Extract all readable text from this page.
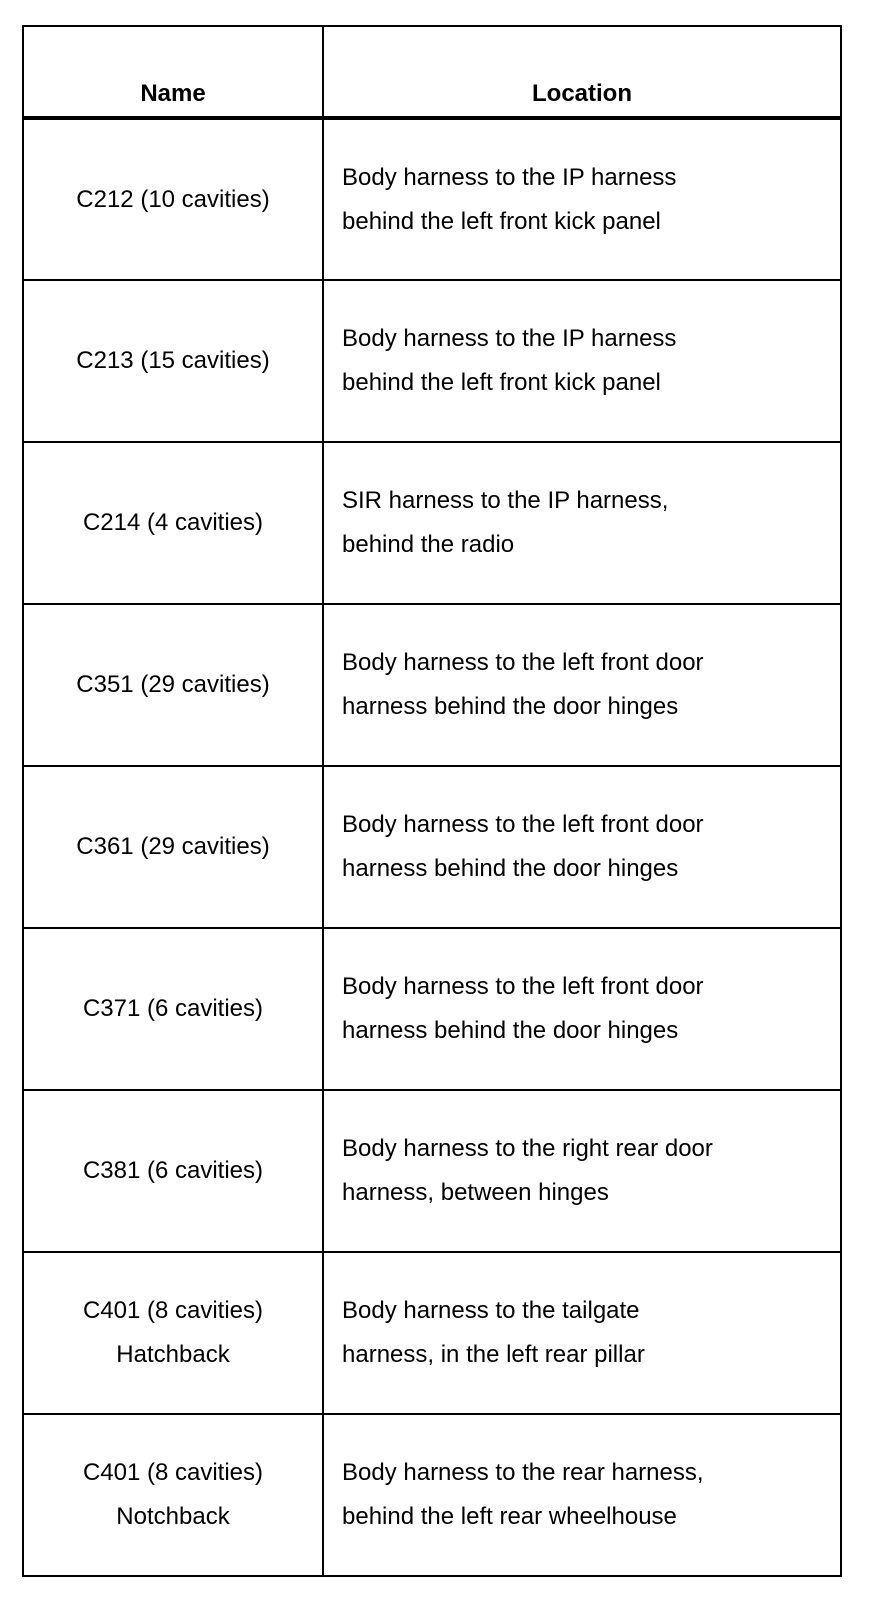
Name	Location
C212 (10 cavities)	Body harness to the IP harness
behind the left front kick panel
C213 (15 cavities)	Body harness to the IP harness
behind the left front kick panel
C214 (4 cavities)	SIR harness to the IP harness,
behind the radio
C351 (29 cavities)	Body harness to the left front door
harness behind the door hinges
C361 (29 cavities)	Body harness to the left front door
harness behind the door hinges
C371 (6 cavities)	Body harness to the left front door
harness behind the door hinges
C381 (6 cavities)	Body harness to the right rear door
harness, between hinges
C401 (8 cavities)
Hatchback	Body harness to the tailgate
harness, in the left rear pillar
C401 (8 cavities)
Notchback	Body harness to the rear harness,
behind the left rear wheelhouse
